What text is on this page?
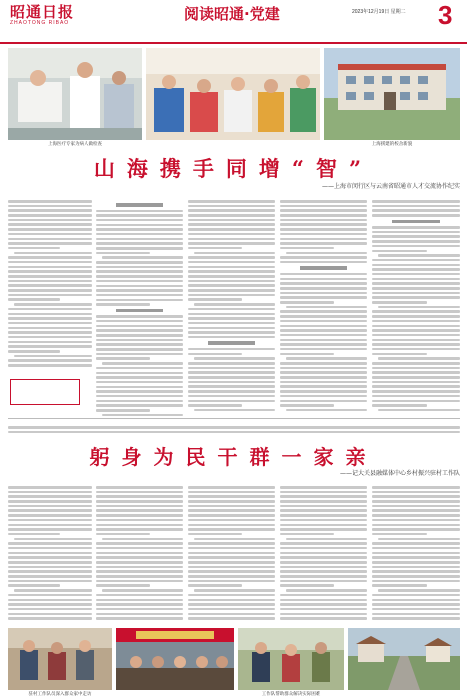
昭通日报
ZHAOTONG RIBAO	阅读昭通·党建	2023年12月19日 星期二 3
上海医疗专家为病人做检查	上海援建的校舍新貌
山海携手同增“智”
——上海市闵行区与云南省昭通市人才交流协作纪实
躬身为民干群一家亲
——记大关县融媒体中心乡村振兴驻村工作队
驻村工作队员深入群众家中走访	工作队帮助群众解决实际困难
